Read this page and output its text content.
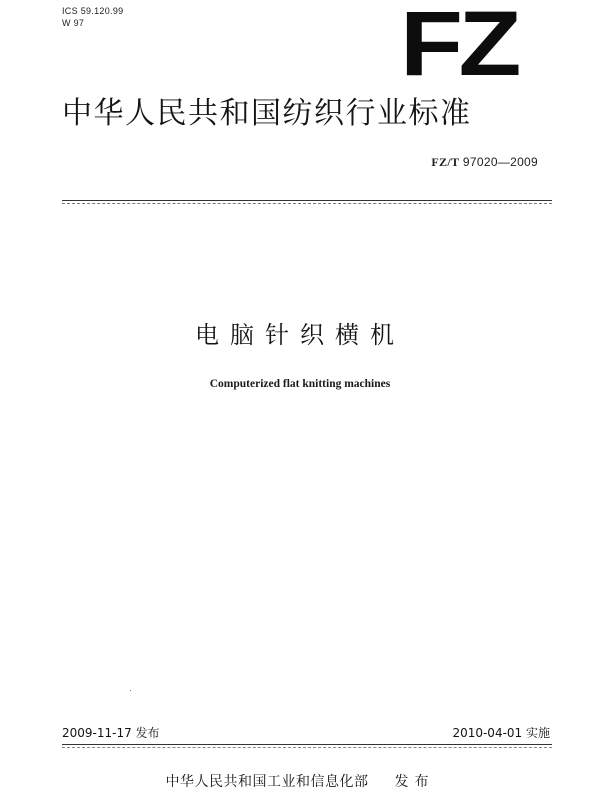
ICS 59.120.99
W 97	FZ
中华人民共和国纺织行业标准
FZ/T 97020—2009
电脑针织横机
Computerized flat knitting machines
2009-11-17 发布	2010-04-01 实施
中华人民共和国工业和信息化部 发布
